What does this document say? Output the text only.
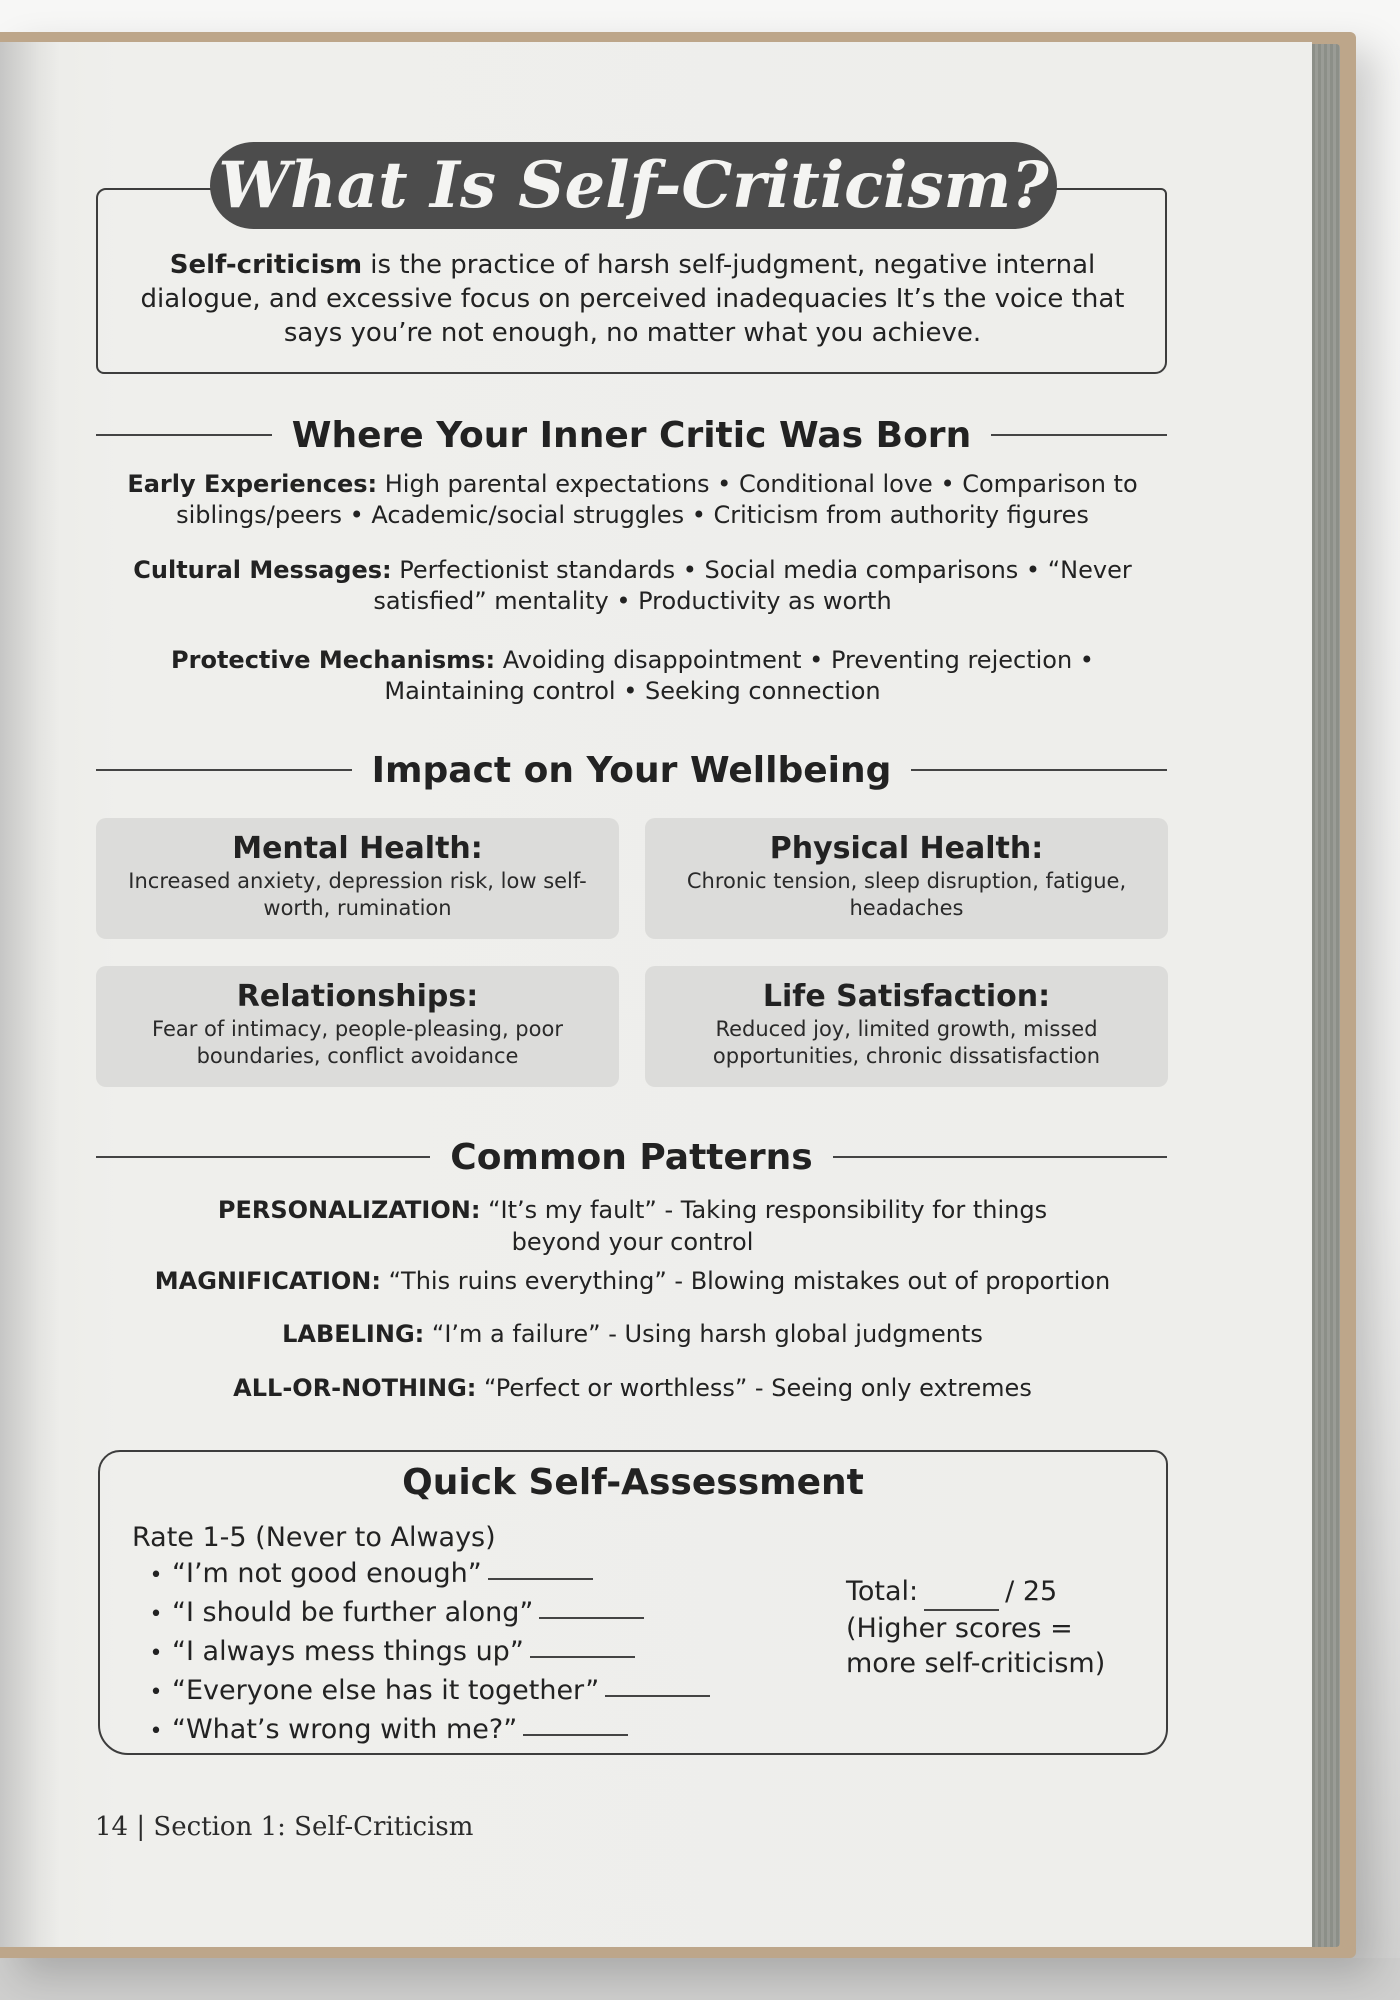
What Is Self-Criticism?
Self-criticism is the practice of harsh self-judgment, negative internal dialogue, and excessive focus on perceived inadequacies It’s the voice that says you’re not enough, no matter what you achieve.
Where Your Inner Critic Was Born
Early Experiences: High parental expectations • Conditional love • Comparison to siblings/peers • Academic/social struggles • Criticism from authority figures
Cultural Messages: Perfectionist standards • Social media comparisons • “Never satisfied” mentality • Productivity as worth
Protective Mechanisms: Avoiding disappointment • Preventing rejection • Maintaining control • Seeking connection
Impact on Your Wellbeing
Mental Health:
Increased anxiety, depression risk, low self-worth, rumination
Physical Health:
Chronic tension, sleep disruption, fatigue, headaches
Relationships:
Fear of intimacy, people-pleasing, poor boundaries, conflict avoidance
Life Satisfaction:
Reduced joy, limited growth, missed opportunities, chronic dissatisfaction
Common Patterns
PERSONALIZATION: “It’s my fault” - Taking responsibility for things beyond your control
MAGNIFICATION: “This ruins everything” - Blowing mistakes out of proportion
LABELING: “I’m a failure” - Using harsh global judgments
ALL-OR-NOTHING: “Perfect or worthless” - Seeing only extremes
Quick Self-Assessment
Rate 1-5 (Never to Always)
• “I’m not good enough”
• “I should be further along”
• “I always mess things up”
• “Everyone else has it together”
• “What’s wrong with me?”
Total:	/ 25
(Higher scores =
more self-criticism)
14 | Section 1: Self-Criticism
